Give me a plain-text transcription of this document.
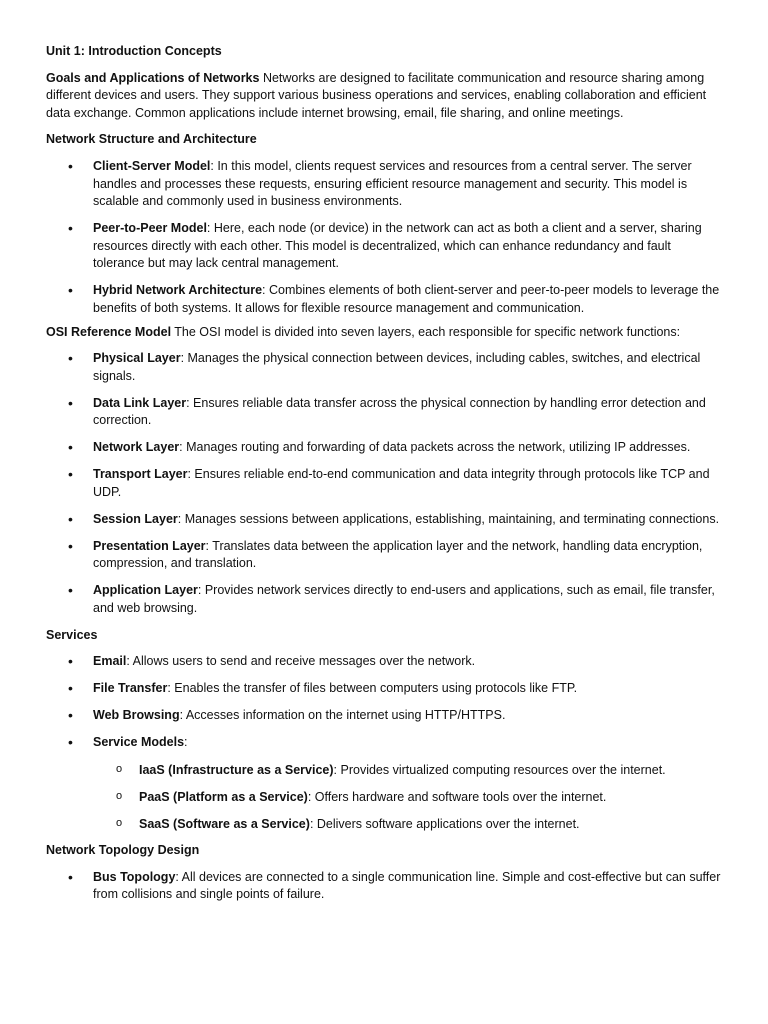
Unit 1: Introduction Concepts

Goals and Applications of Networks Networks are designed to facilitate communication and resource sharing among different devices and users. They support various business operations and services, enabling collaboration and efficient data exchange. Common applications include internet browsing, email, file sharing, and online meetings.

Network Structure and Architecture

• Client-Server Model: In this model, clients request services and resources from a central server. The server handles and processes these requests, ensuring efficient resource management and security. This model is scalable and commonly used in business environments.
• Peer-to-Peer Model: Here, each node (or device) in the network can act as both a client and a server, sharing resources directly with each other. This model is decentralized, which can enhance redundancy and fault tolerance but may lack central management.
• Hybrid Network Architecture: Combines elements of both client-server and peer-to-peer models to leverage the benefits of both systems. It allows for flexible resource management and communication.

OSI Reference Model The OSI model is divided into seven layers, each responsible for specific network functions:

• Physical Layer: Manages the physical connection between devices, including cables, switches, and electrical signals.
• Data Link Layer: Ensures reliable data transfer across the physical connection by handling error detection and correction.
• Network Layer: Manages routing and forwarding of data packets across the network, utilizing IP addresses.
• Transport Layer: Ensures reliable end-to-end communication and data integrity through protocols like TCP and UDP.
• Session Layer: Manages sessions between applications, establishing, maintaining, and terminating connections.
• Presentation Layer: Translates data between the application layer and the network, handling data encryption, compression, and translation.
• Application Layer: Provides network services directly to end-users and applications, such as email, file transfer, and web browsing.

Services

• Email: Allows users to send and receive messages over the network.
• File Transfer: Enables the transfer of files between computers using protocols like FTP.
• Web Browsing: Accesses information on the internet using HTTP/HTTPS.
• Service Models:
o IaaS (Infrastructure as a Service): Provides virtualized computing resources over the internet.
o PaaS (Platform as a Service): Offers hardware and software tools over the internet.
o SaaS (Software as a Service): Delivers software applications over the internet.

Network Topology Design

• Bus Topology: All devices are connected to a single communication line. Simple and cost-effective but can suffer from collisions and single points of failure.
